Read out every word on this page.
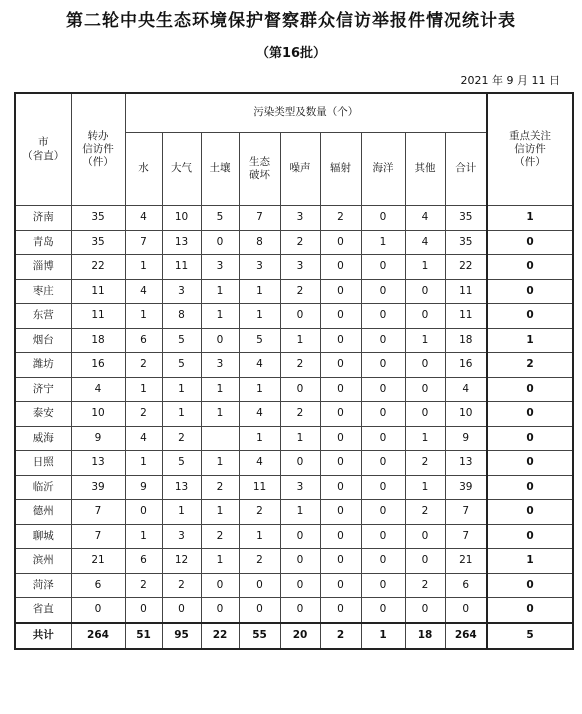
第二轮中央生态环境保护督察群众信访举报件情况统计表
（第16批）
2021 年 9 月 11 日
市
（省直）	转办
信访件
（件）	污染类型及数量（个）									重点关注
信访件
（件）
		水	大气	土壤	生态
破坏	噪声	辐射	海洋	其他	合计	
济南	35	4	10	5	7	3	2	0	4	35	1
青岛	35	7	13	0	8	2	0	1	4	35	0
淄博	22	1	11	3	3	3	0	0	1	22	0
枣庄	11	4	3	1	1	2	0	0	0	11	0
东营	11	1	8	1	1	0	0	0	0	11	0
烟台	18	6	5	0	5	1	0	0	1	18	1
潍坊	16	2	5	3	4	2	0	0	0	16	2
济宁	4	1	1	1	1	0	0	0	0	4	0
泰安	10	2	1	1	4	2	0	0	0	10	0
威海	9	4	2		1	1	0	0	1	9	0
日照	13	1	5	1	4	0	0	0	2	13	0
临沂	39	9	13	2	11	3	0	0	1	39	0
德州	7	0	1	1	2	1	0	0	2	7	0
聊城	7	1	3	2	1	0	0	0	0	7	0
滨州	21	6	12	1	2	0	0	0	0	21	1
菏泽	6	2	2	0	0	0	0	0	2	6	0
省直	0	0	0	0	0	0	0	0	0	0	0
共计	264	51	95	22	55	20	2	1	18	264	5
